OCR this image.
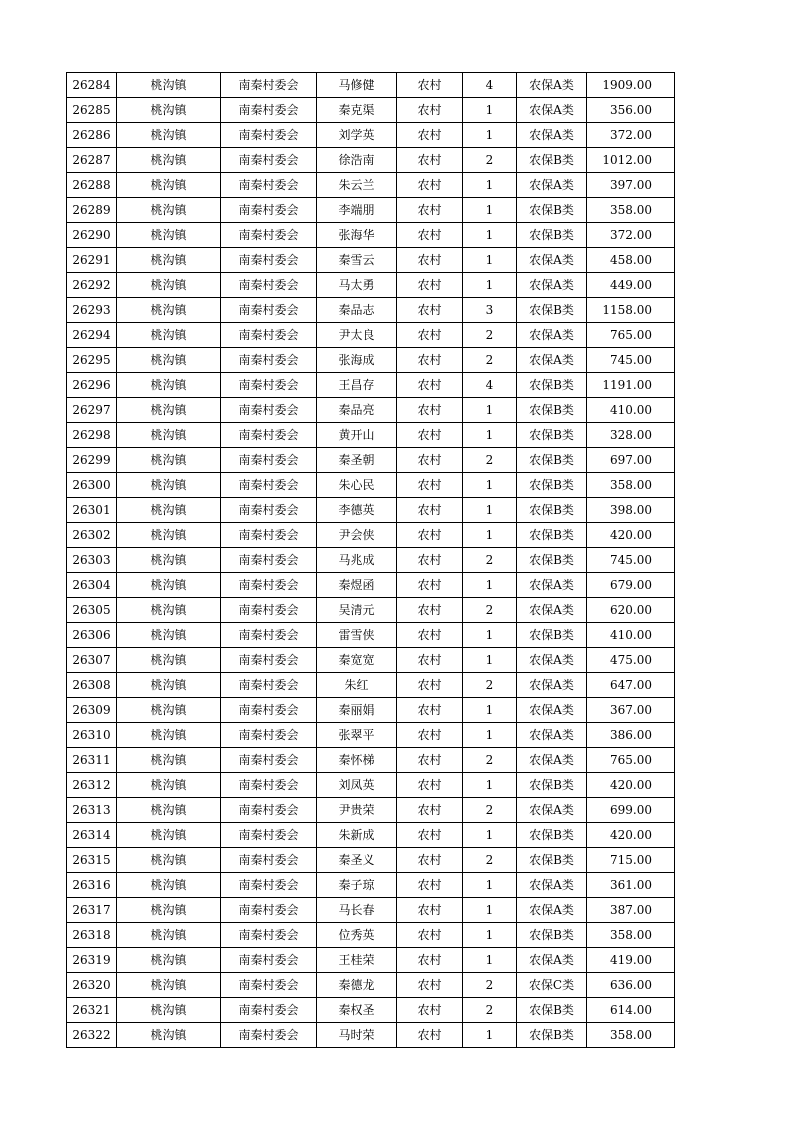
26284	桃沟镇	南秦村委会	马修健	农村	4	农保A类	1909.00
26285	桃沟镇	南秦村委会	秦克渠	农村	1	农保A类	356.00
26286	桃沟镇	南秦村委会	刘学英	农村	1	农保A类	372.00
26287	桃沟镇	南秦村委会	徐浩南	农村	2	农保B类	1012.00
26288	桃沟镇	南秦村委会	朱云兰	农村	1	农保A类	397.00
26289	桃沟镇	南秦村委会	李端朋	农村	1	农保B类	358.00
26290	桃沟镇	南秦村委会	张海华	农村	1	农保B类	372.00
26291	桃沟镇	南秦村委会	秦雪云	农村	1	农保A类	458.00
26292	桃沟镇	南秦村委会	马太勇	农村	1	农保A类	449.00
26293	桃沟镇	南秦村委会	秦品志	农村	3	农保B类	1158.00
26294	桃沟镇	南秦村委会	尹太良	农村	2	农保A类	765.00
26295	桃沟镇	南秦村委会	张海成	农村	2	农保A类	745.00
26296	桃沟镇	南秦村委会	王昌存	农村	4	农保B类	1191.00
26297	桃沟镇	南秦村委会	秦品亮	农村	1	农保B类	410.00
26298	桃沟镇	南秦村委会	黄开山	农村	1	农保B类	328.00
26299	桃沟镇	南秦村委会	秦圣朝	农村	2	农保B类	697.00
26300	桃沟镇	南秦村委会	朱心民	农村	1	农保B类	358.00
26301	桃沟镇	南秦村委会	李德英	农村	1	农保B类	398.00
26302	桃沟镇	南秦村委会	尹会侠	农村	1	农保B类	420.00
26303	桃沟镇	南秦村委会	马兆成	农村	2	农保B类	745.00
26304	桃沟镇	南秦村委会	秦煜函	农村	1	农保A类	679.00
26305	桃沟镇	南秦村委会	吴清元	农村	2	农保A类	620.00
26306	桃沟镇	南秦村委会	雷雪侠	农村	1	农保B类	410.00
26307	桃沟镇	南秦村委会	秦宽宽	农村	1	农保A类	475.00
26308	桃沟镇	南秦村委会	朱红	农村	2	农保A类	647.00
26309	桃沟镇	南秦村委会	秦丽娟	农村	1	农保A类	367.00
26310	桃沟镇	南秦村委会	张翠平	农村	1	农保A类	386.00
26311	桃沟镇	南秦村委会	秦怀梯	农村	2	农保A类	765.00
26312	桃沟镇	南秦村委会	刘凤英	农村	1	农保B类	420.00
26313	桃沟镇	南秦村委会	尹贵荣	农村	2	农保A类	699.00
26314	桃沟镇	南秦村委会	朱新成	农村	1	农保B类	420.00
26315	桃沟镇	南秦村委会	秦圣义	农村	2	农保B类	715.00
26316	桃沟镇	南秦村委会	秦子琼	农村	1	农保A类	361.00
26317	桃沟镇	南秦村委会	马长春	农村	1	农保A类	387.00
26318	桃沟镇	南秦村委会	位秀英	农村	1	农保B类	358.00
26319	桃沟镇	南秦村委会	王桂荣	农村	1	农保A类	419.00
26320	桃沟镇	南秦村委会	秦德龙	农村	2	农保C类	636.00
26321	桃沟镇	南秦村委会	秦权圣	农村	2	农保B类	614.00
26322	桃沟镇	南秦村委会	马时荣	农村	1	农保B类	358.00
